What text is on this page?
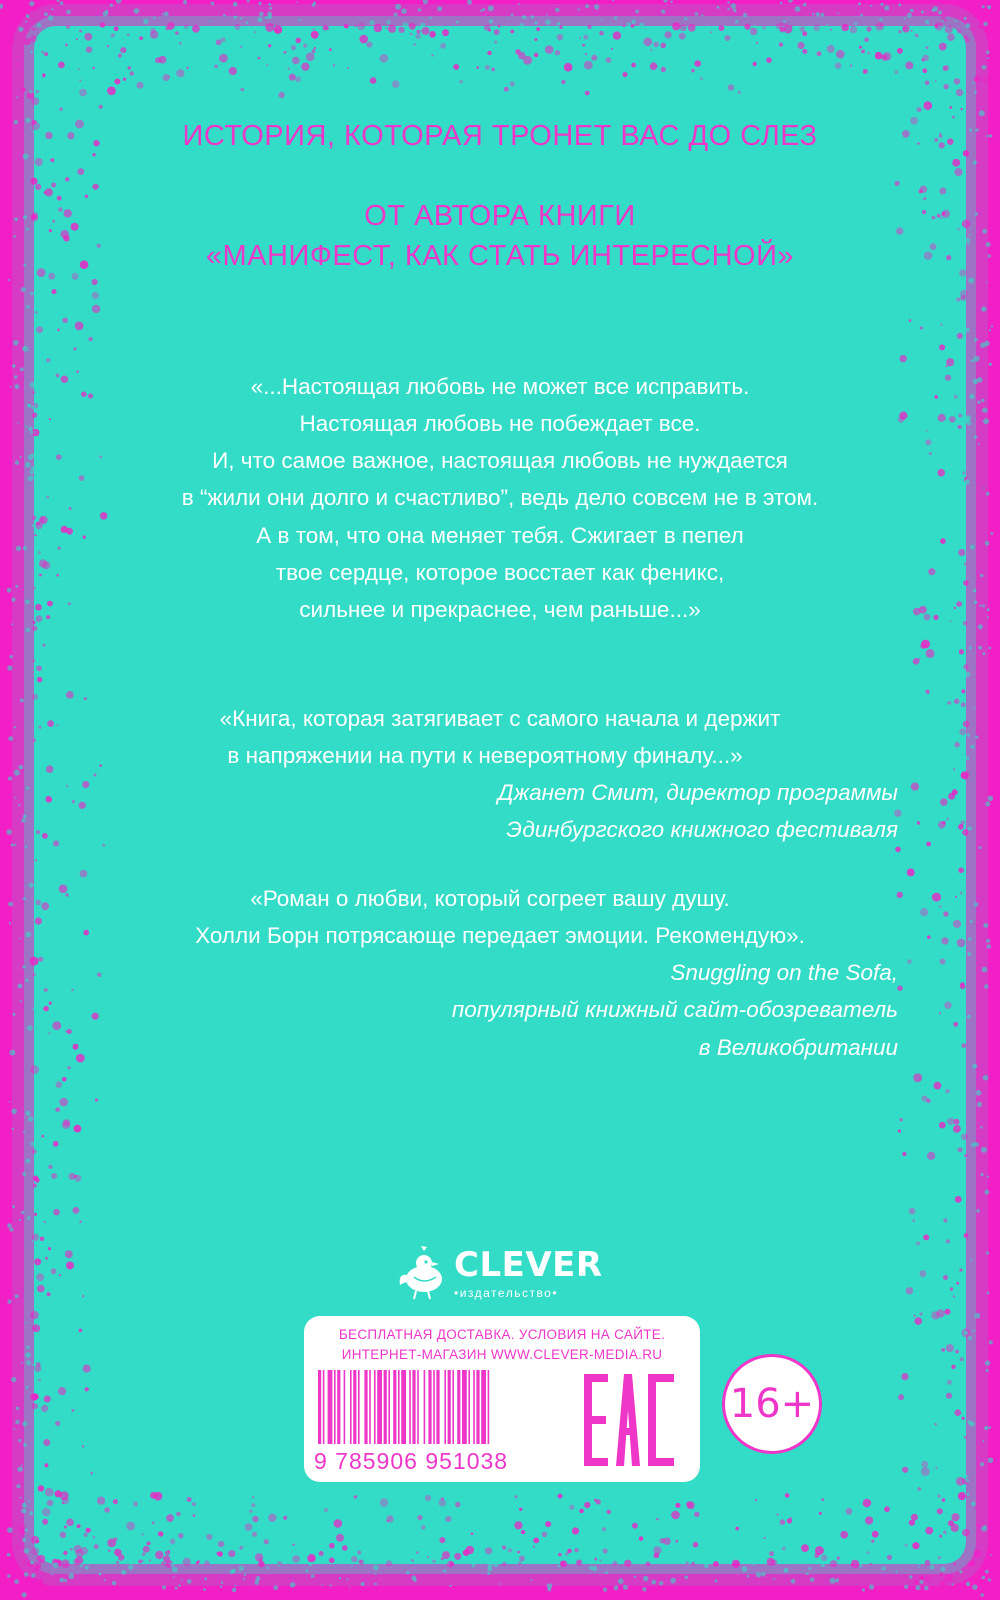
ИСТОРИЯ, КОТОРАЯ ТРОНЕТ ВАС ДО СЛЕЗ
ОТ АВТОРА КНИГИ
«МАНИФЕСТ, КАК СТАТЬ ИНТЕРЕСНОЙ»
«...Настоящая любовь не может все исправить.
Настоящая любовь не побеждает все.
И, что самое важное, настоящая любовь не нуждается
в “жили они долго и счастливо”, ведь дело совсем не в этом.
А в том, что она меняет тебя. Сжигает в пепел
твое сердце, которое восстает как феникс,
сильнее и прекраснее, чем раньше...»
«Книга, которая затягивает с самого начала и держит
в напряжении на пути к невероятному финалу...»
Джанет Смит, директор программы
Эдинбургского книжного фестиваля
«Роман о любви, который согреет вашу душу.
Холли Борн потрясающе передает эмоции. Рекомендую».
Snuggling on the Sofa,
популярный книжный сайт-обозреватель
в Великобритании
CLEVER
•издательство•
БЕСПЛАТНАЯ ДОСТАВКА. УСЛОВИЯ НА САЙТЕ.
ИНТЕРНЕТ-МАГАЗИН WWW.CLEVER-MEDIA.RU
9 785906 951038
16+
